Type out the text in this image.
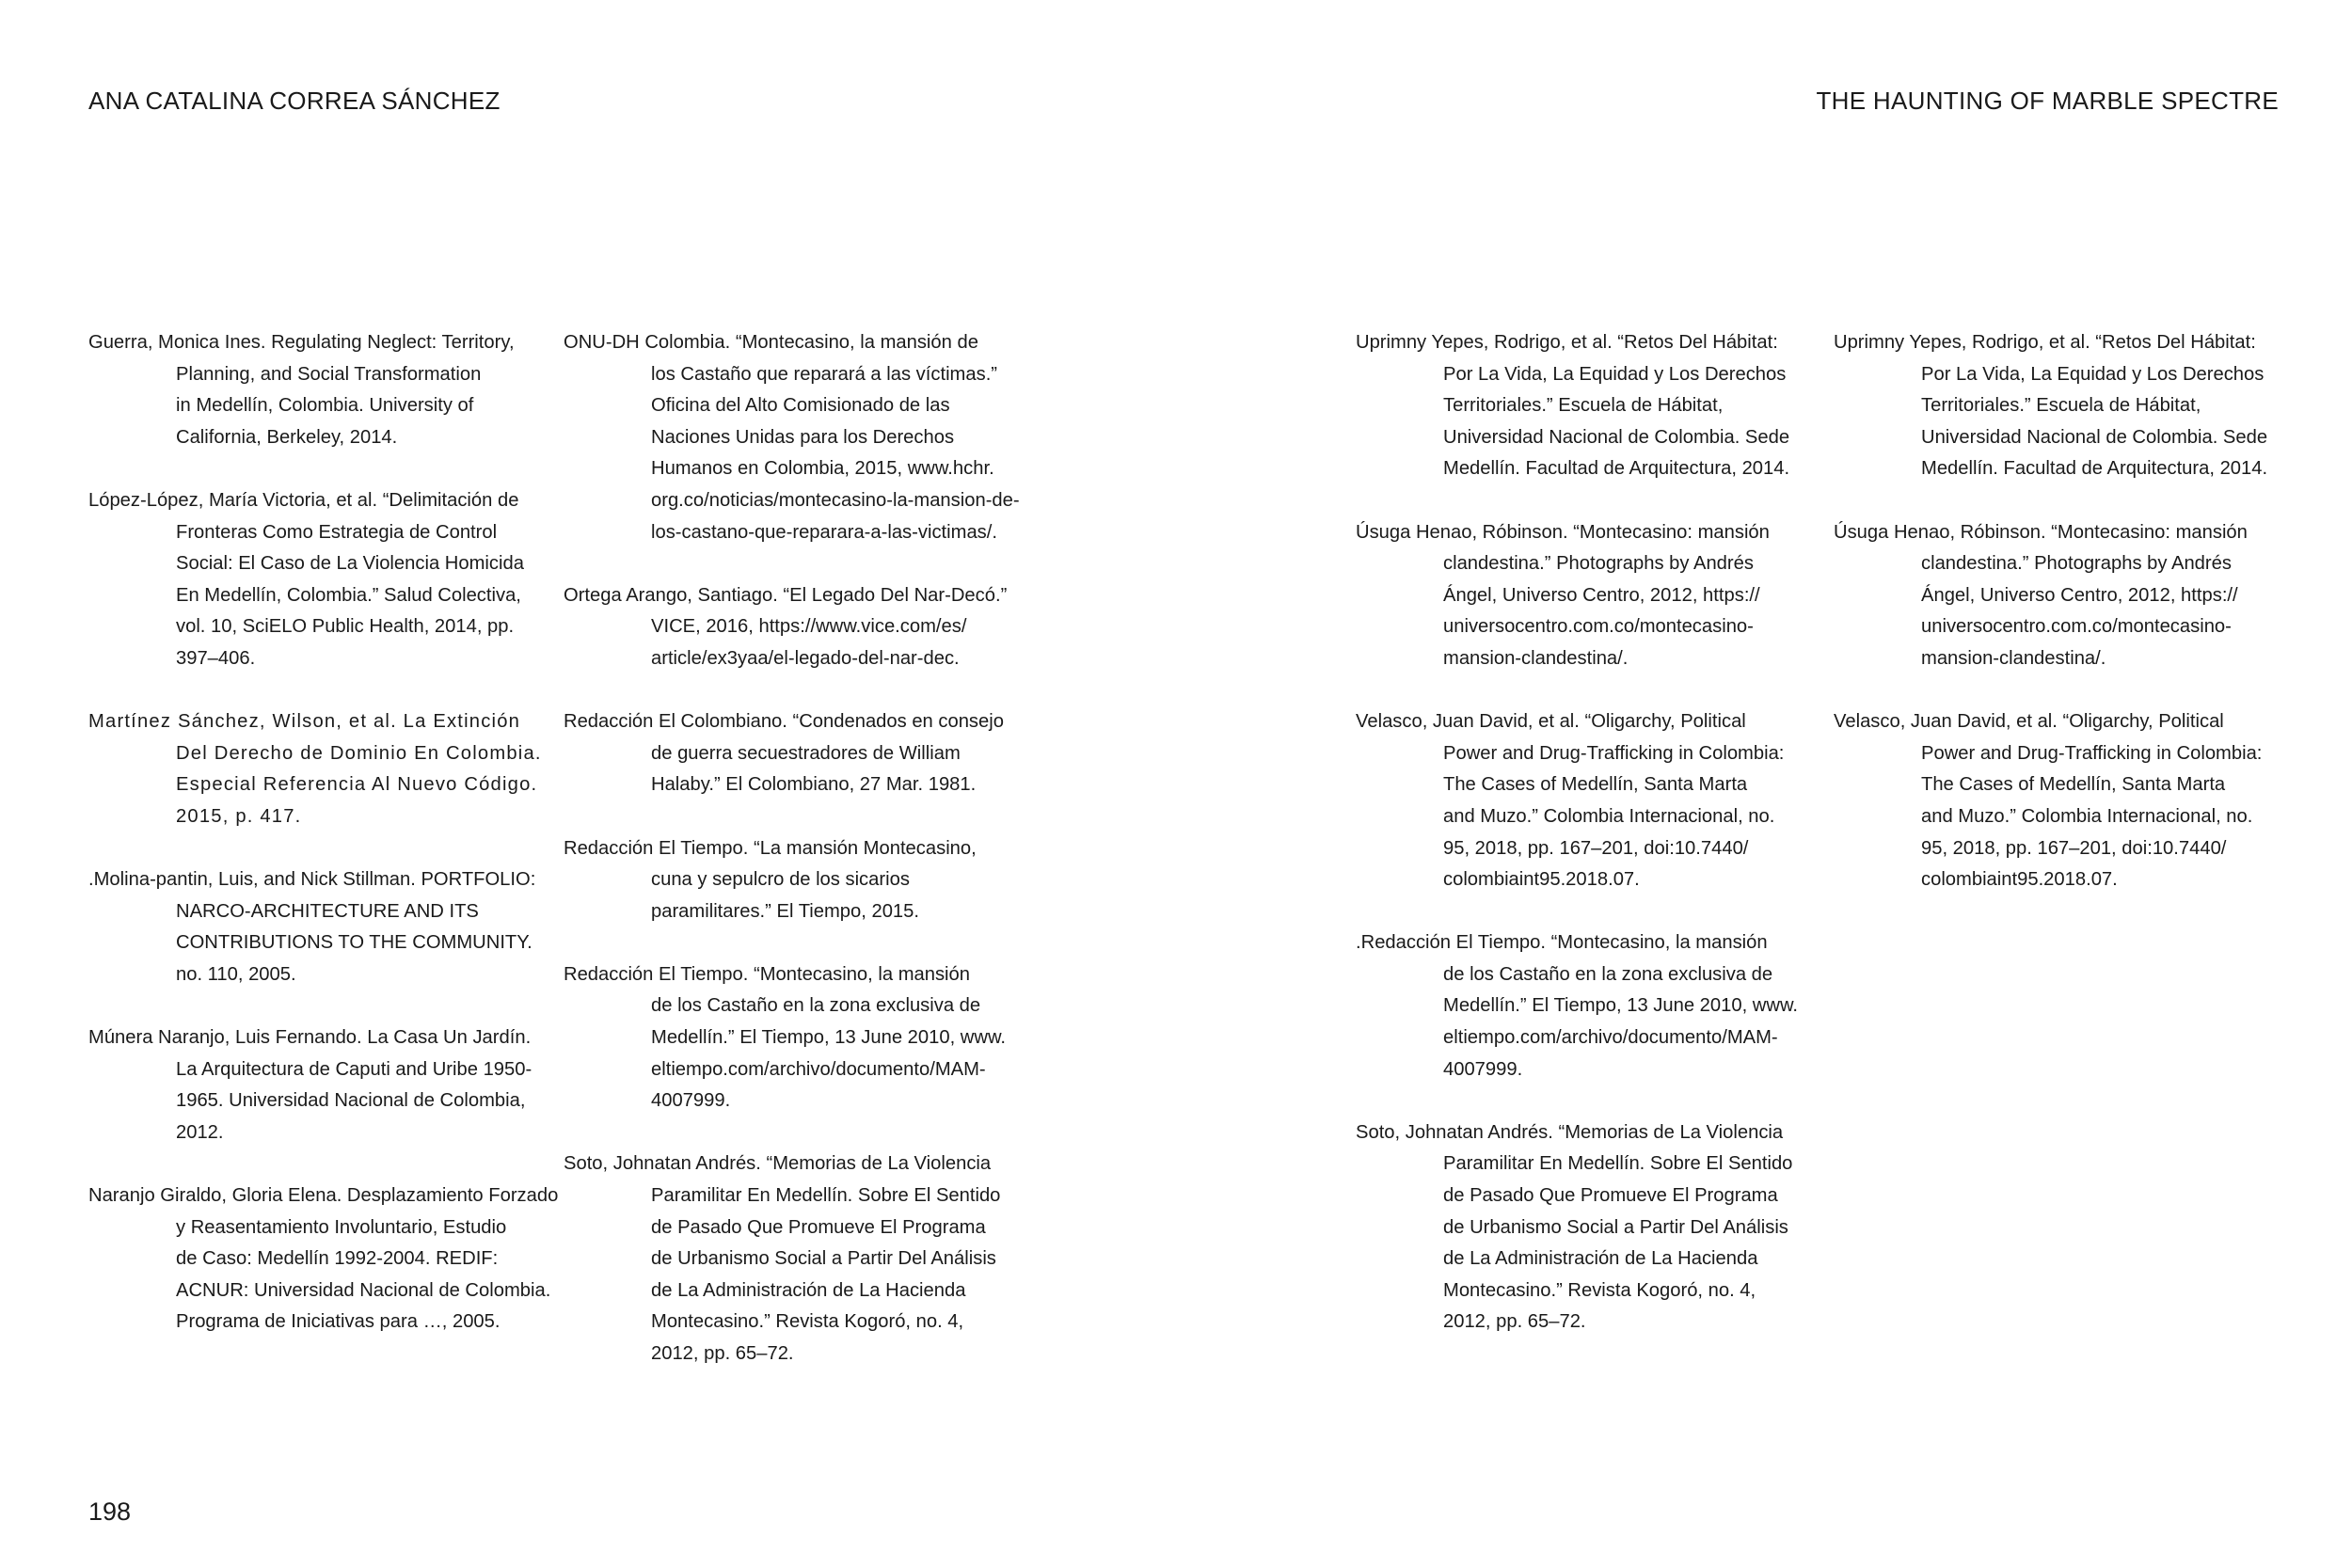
ANA CATALINA CORREA SÁNCHEZ	THE HAUNTING OF MARBLE SPECTRE
Guerra, Monica Ines. Regulating Neglect: Territory,
Planning, and Social Transformation
in Medellín, Colombia. University of
California, Berkeley, 2014.
López-López, María Victoria, et al. “Delimitación de
Fronteras Como Estrategia de Control
Social: El Caso de La Violencia Homicida
En Medellín, Colombia.” Salud Colectiva,
vol. 10, SciELO Public Health, 2014, pp.
397–406.
Martínez Sánchez, Wilson, et al. La Extinción
Del Derecho de Dominio En Colombia.
Especial Referencia Al Nuevo Código.
2015, p. 417.
.Molina-pantin, Luis, and Nick Stillman. PORTFOLIO:
NARCO-ARCHITECTURE AND ITS
CONTRIBUTIONS TO THE COMMUNITY.
no. 110, 2005.
Múnera Naranjo, Luis Fernando. La Casa Un Jardín.
La Arquitectura de Caputi and Uribe 1950-
1965. Universidad Nacional de Colombia,
2012.
Naranjo Giraldo, Gloria Elena. Desplazamiento Forzado
y Reasentamiento Involuntario, Estudio
de Caso: Medellín 1992-2004. REDIF:
ACNUR: Universidad Nacional de Colombia.
Programa de Iniciativas para …, 2005.
ONU-DH Colombia. “Montecasino, la mansión de
los Castaño que reparará a las víctimas.”
Oficina del Alto Comisionado de las
Naciones Unidas para los Derechos
Humanos en Colombia, 2015, www.hchr.
org.co/noticias/montecasino-la-mansion-de-
los-castano-que-reparara-a-las-victimas/.
Ortega Arango, Santiago. “El Legado Del Nar-Decó.”
VICE, 2016, https://www.vice.com/es/
article/ex3yaa/el-legado-del-nar-dec.
Redacción El Colombiano. “Condenados en consejo
de guerra secuestradores de William
Halaby.” El Colombiano, 27 Mar. 1981.
Redacción El Tiempo. “La mansión Montecasino,
cuna y sepulcro de los sicarios
paramilitares.” El Tiempo, 2015.
Redacción El Tiempo. “Montecasino, la mansión
de los Castaño en la zona exclusiva de
Medellín.” El Tiempo, 13 June 2010, www.
eltiempo.com/archivo/documento/MAM-
4007999.
Soto, Johnatan Andrés. “Memorias de La Violencia
Paramilitar En Medellín. Sobre El Sentido
de Pasado Que Promueve El Programa
de Urbanismo Social a Partir Del Análisis
de La Administración de La Hacienda
Montecasino.” Revista Kogoró, no. 4,
2012, pp. 65–72.
Uprimny Yepes, Rodrigo, et al. “Retos Del Hábitat:
Por La Vida, La Equidad y Los Derechos
Territoriales.” Escuela de Hábitat,
Universidad Nacional de Colombia. Sede
Medellín. Facultad de Arquitectura, 2014.
Úsuga Henao, Róbinson. “Montecasino: mansión
clandestina.” Photographs by Andrés
Ángel, Universo Centro, 2012, https://
universocentro.com.co/montecasino-
mansion-clandestina/.
Velasco, Juan David, et al. “Oligarchy, Political
Power and Drug-Trafficking in Colombia:
The Cases of Medellín, Santa Marta
and Muzo.” Colombia Internacional, no.
95, 2018, pp. 167–201, doi:10.7440/
colombiaint95.2018.07.
.Redacción El Tiempo. “Montecasino, la mansión
de los Castaño en la zona exclusiva de
Medellín.” El Tiempo, 13 June 2010, www.
eltiempo.com/archivo/documento/MAM-
4007999.
Soto, Johnatan Andrés. “Memorias de La Violencia
Paramilitar En Medellín. Sobre El Sentido
de Pasado Que Promueve El Programa
de Urbanismo Social a Partir Del Análisis
de La Administración de La Hacienda
Montecasino.” Revista Kogoró, no. 4,
2012, pp. 65–72.
Uprimny Yepes, Rodrigo, et al. “Retos Del Hábitat:
Por La Vida, La Equidad y Los Derechos
Territoriales.” Escuela de Hábitat,
Universidad Nacional de Colombia. Sede
Medellín. Facultad de Arquitectura, 2014.
Úsuga Henao, Róbinson. “Montecasino: mansión
clandestina.” Photographs by Andrés
Ángel, Universo Centro, 2012, https://
universocentro.com.co/montecasino-
mansion-clandestina/.
Velasco, Juan David, et al. “Oligarchy, Political
Power and Drug-Trafficking in Colombia:
The Cases of Medellín, Santa Marta
and Muzo.” Colombia Internacional, no.
95, 2018, pp. 167–201, doi:10.7440/
colombiaint95.2018.07.
198
